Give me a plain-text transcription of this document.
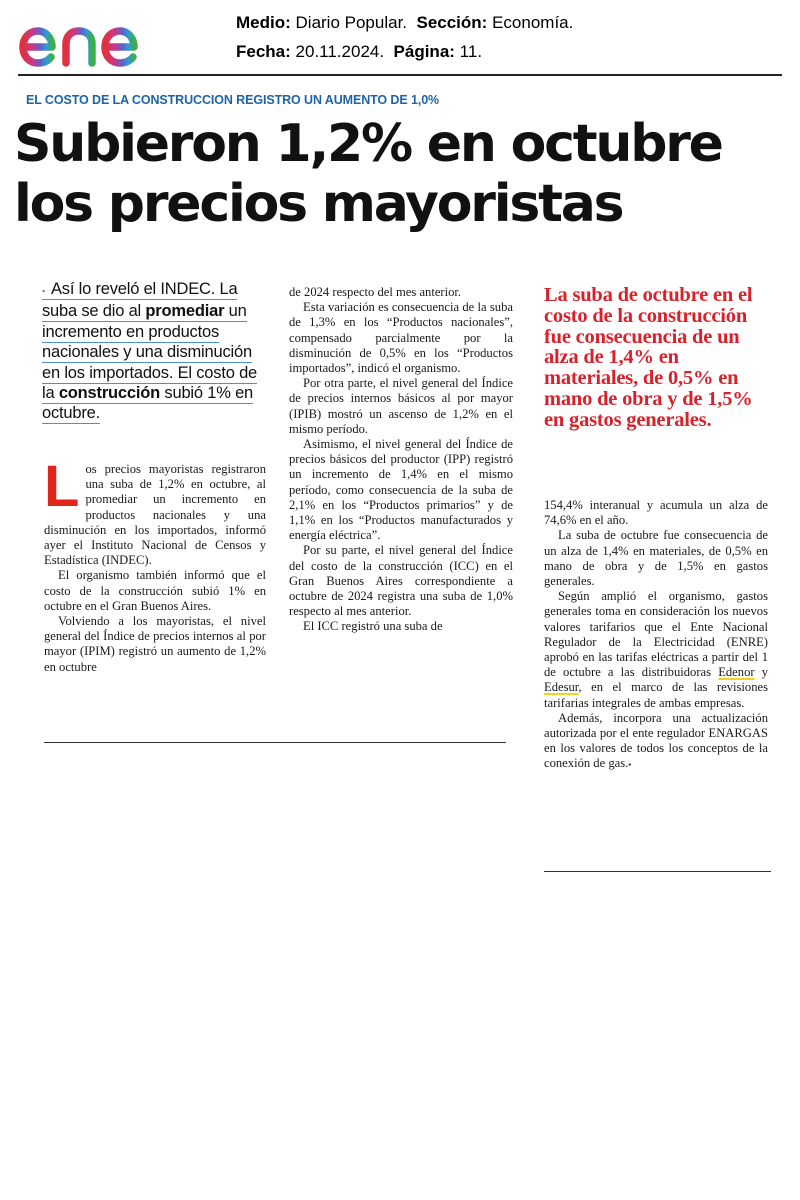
Medio: Diario Popular. Sección: Economía.
Fecha: 20.11.2024. Página: 11.
EL COSTO DE LA CONSTRUCCION REGISTRO UN AUMENTO DE 1,0%
Subieron 1,2% en octubre
los precios mayoristas
▪ Así lo reveló el INDEC. La suba se dio al promediar un incremento en productos nacionales y una disminución en los importados. El costo de la construcción subió 1% en octubre.

Los precios mayoristas registraron una suba de 1,2% en octubre, al promediar un incremento en productos nacionales y una disminución en los importados, informó ayer el Instituto Nacional de Censos y Estadística (INDEC).

El organismo también informó que el costo de la construcción subió 1% en octubre en el Gran Buenos Aires.

Volviendo a los mayoristas, el nivel general del Índice de precios internos al por mayor (IPIM) registró un aumento de 1,2% en octubre

de 2024 respecto del mes anterior.

Esta variación es consecuencia de la suba de 1,3% en los “Productos nacionales”, compensado parcialmente por la disminución de 0,5% en los “Productos importados”, indicó el organismo.

Por otra parte, el nivel general del Índice de precios internos básicos al por mayor (IPIB) mostró un ascenso de 1,2% en el mismo período.

Asimismo, el nivel general del Índice de precios básicos del productor (IPP) registró un incremento de 1,4% en el mismo período, como consecuencia de la suba de 2,1% en los “Productos primarios” y de 1,1% en los “Productos manufacturados y energía eléctrica”.

Por su parte, el nivel general del Índice del costo de la construcción (ICC) en el Gran Buenos Aires correspondiente a octubre de 2024 registra una suba de 1,0% respecto al mes anterior.

El ICC registró una suba de

La suba de octubre en el costo de la construcción fue consecuencia de un alza de 1,4% en materiales, de 0,5% en mano de obra y de 1,5% en gastos generales.

154,4% interanual y acumula un alza de 74,6% en el año.

La suba de octubre fue consecuencia de un alza de 1,4% en materiales, de 0,5% en mano de obra y de 1,5% en gastos generales.

Según amplió el organismo, gastos generales toma en consideración los nuevos valores tarifarios que el Ente Nacional Regulador de la Electricidad (ENRE) aprobó en las tarifas eléctricas a partir del 1 de octubre a las distribuidoras Edenor y Edesur, en el marco de las revisiones tarifarias integrales de ambas empresas.

Además, incorpora una actualización autorizada por el ente regulador ENARGAS en los valores de todos los conceptos de la conexión de gas.▪
